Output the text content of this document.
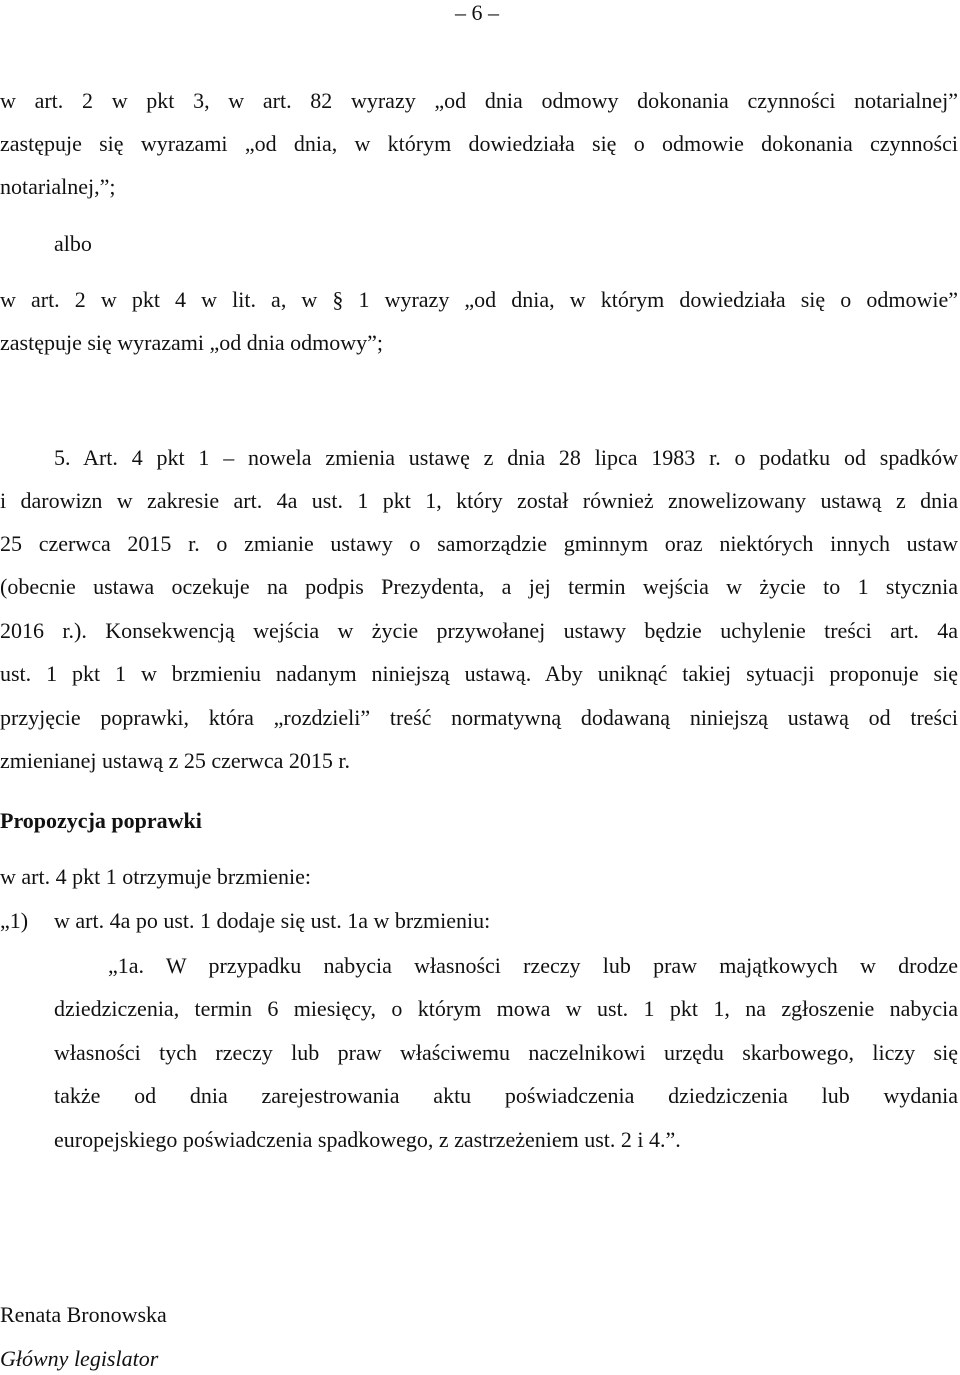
– 6 –
w art. 2 w pkt 3, w art. 82 wyrazy „od dnia odmowy dokonania czynności notarialnej”
zastępuje się wyrazami „od dnia, w którym dowiedziała się o odmowie dokonania czynności
notarialnej,”;
albo
w art. 2 w pkt 4 w lit. a, w § 1 wyrazy „od dnia, w którym dowiedziała się o odmowie”
zastępuje się wyrazami „od dnia odmowy”;
5. Art. 4 pkt 1 – nowela zmienia ustawę z dnia 28 lipca 1983 r. o podatku od spadków
i darowizn w zakresie art. 4a ust. 1 pkt 1, który został również znowelizowany ustawą z dnia
25 czerwca 2015 r. o zmianie ustawy o samorządzie gminnym oraz niektórych innych ustaw
(obecnie ustawa oczekuje na podpis Prezydenta, a jej termin wejścia w życie to 1 stycznia
2016 r.). Konsekwencją wejścia w życie przywołanej ustawy będzie uchylenie treści art. 4a
ust. 1 pkt 1 w brzmieniu nadanym niniejszą ustawą. Aby uniknąć takiej sytuacji proponuje się
przyjęcie poprawki, która „rozdzieli” treść normatywną dodawaną niniejszą ustawą od treści
zmienianej ustawą z 25 czerwca 2015 r.
Propozycja poprawki
w art. 4 pkt 1 otrzymuje brzmienie:
„1) w art. 4a po ust. 1 dodaje się ust. 1a w brzmieniu:
„1a. W przypadku nabycia własności rzeczy lub praw majątkowych w drodze
dziedziczenia, termin 6 miesięcy, o którym mowa w ust. 1 pkt 1, na zgłoszenie nabycia
własności tych rzeczy lub praw właściwemu naczelnikowi urzędu skarbowego, liczy się
także od dnia zarejestrowania aktu poświadczenia dziedziczenia lub wydania
europejskiego poświadczenia spadkowego, z zastrzeżeniem ust. 2 i 4.”.
Renata Bronowska
Główny legislator
